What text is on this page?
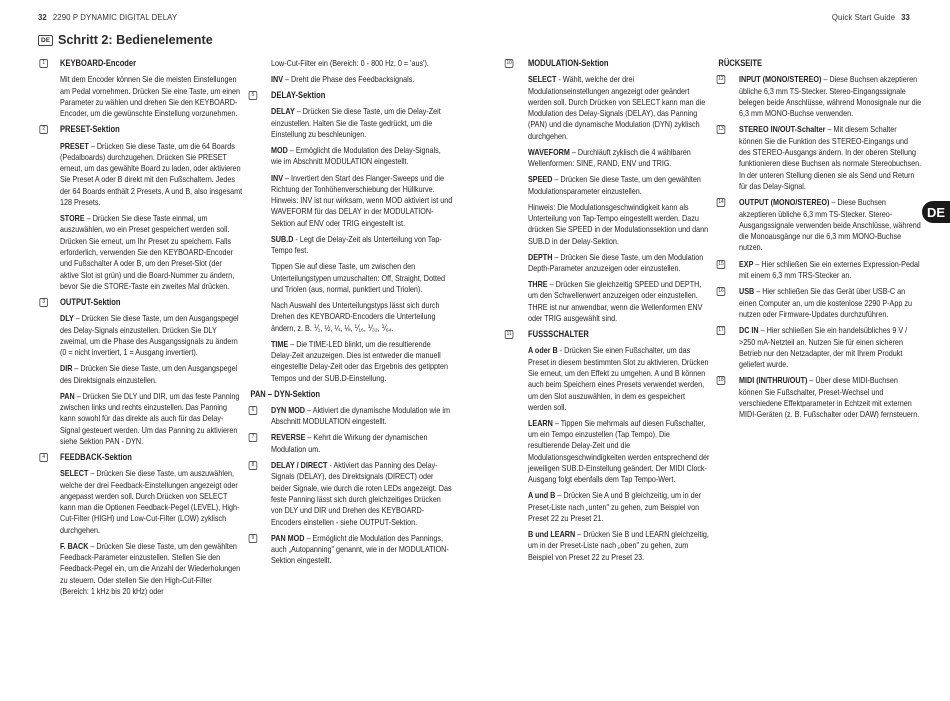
32 2290 P DYNAMIC DIGITAL DELAY	Quick Start Guide 33
DE Schritt 2: Bedienelemente
DE
1	KEYBOARD-Encoder
Mit dem Encoder können Sie die meisten Einstellungen am Pedal vornehmen. Drücken Sie eine Taste, um einen Parameter zu wählen und drehen Sie den KEYBOARD-Encoder, um die gewünschte Einstellung vorzunehmen.
2	PRESET-Sektion
PRESET – Drücken Sie diese Taste, um die 64 Boards (Pedalboards) durchzugehen. Drücken Sie PRESET erneut, um das gewählte Board zu laden, oder aktivieren Sie Preset A oder B direkt mit den Fußschaltern. Jedes der 64 Boards enthält 2 Presets, A und B, also insgesamt 128 Presets.
STORE – Drücken Sie diese Taste einmal, um auszuwählen, wo ein Preset gespeichert werden soll. Drücken Sie erneut, um Ihr Preset zu speichern. Falls erforderlich, verwenden Sie den KEYBOARD-Encoder und Fußschalter A oder B, um den Preset-Slot (der aktive Slot ist grün) und die Board-Nummer zu ändern, bevor Sie die STORE-Taste ein zweites Mal drücken.
3	OUTPUT-Sektion
DLY – Drücken Sie diese Taste, um den Ausgangspegel des Delay-Signals einzustellen. Drücken Sie DLY zweimal, um die Phase des Ausgangssignals zu ändern (0 = nicht invertiert, 1 = Ausgang invertiert).
DIR – Drücken Sie diese Taste, um den Ausgangspegel des Direktsignals einzustellen.
PAN – Drücken Sie DLY und DIR, um das feste Panning zwischen links und rechts einzustellen. Das Panning kann sowohl für das direkte als auch für das Delay-Signal gesteuert werden. Um das Panning zu aktivieren siehe Sektion PAN - DYN.
4	FEEDBACK-Sektion
SELECT – Drücken Sie diese Taste, um auszuwählen, welche der drei Feedback-Einstellungen angezeigt oder angepasst werden soll. Durch Drücken von SELECT kann man die Optionen Feedback-Pegel (LEVEL), High-Cut-Filter (HIGH) und Low-Cut-Filter (LOW) zyklisch durchgehen.
F. BACK – Drücken Sie diese Taste, um den gewählten Feedback-Parameter einzustellen. Stellen Sie den Feedback-Pegel ein, um die Anzahl der Wiederholungen zu steuern. Oder stellen Sie den High-Cut-Filter (Bereich: 1 kHz bis 20 kHz) oder
Low-Cut-Filter ein (Bereich: 0 - 800 Hz, 0 = 'aus').
INV – Dreht die Phase des Feedbacksignals.
5	DELAY-Sektion
DELAY – Drücken Sie diese Taste, um die Delay-Zeit einzustellen. Halten Sie die Taste gedrückt, um die Einstellung zu beschleunigen.
MOD – Ermöglicht die Modulation des Delay-Signals, wie im Abschnitt MODULATION eingestellt.
INV – Invertiert den Start des Flanger-Sweeps und die Richtung der Tonhöhenverschiebung der Hüllkurve. Hinweis: INV ist nur wirksam, wenn MOD aktiviert ist und WAVEFORM für das DELAY in der MODULATION-Sektion auf ENV oder TRIG eingestellt ist.
SUB.D - Legt die Delay-Zeit als Unterteilung von Tap-Tempo fest.
Tippen Sie auf diese Taste, um zwischen den Unterteilungstypen umzuschalten: Off, Straight, Dotted und Triolen (aus, normal, punktiert und Triolen).
Nach Auswahl des Unterteilungstyps lässt sich durch Drehen des KEYBOARD-Encoders die Unterteilung ändern, z. B. ⅟₁, ½, ¼, ⅛, ⅟₁₆, ⅟₃₂, ⅟₆₄.
TIME – Die TIME-LED blinkt, um die resultierende Delay-Zeit anzuzeigen. Dies ist entweder die manuell eingestellte Delay-Zeit oder das Ergebnis des getippten Tempos und der SUB.D-Einstellung.
PAN – DYN-Sektion
6	DYN MOD – Aktiviert die dynamische Modulation wie im Abschnitt MODULATION eingestellt.
7	REVERSE – Kehrt die Wirkung der dynamischen Modulation um.
8	DELAY / DIRECT - Aktiviert das Panning des Delay-Signals (DELAY), des Direktsignals (DIRECT) oder beider Signale, wie durch die roten LEDs angezeigt. Das feste Panning lässt sich durch gleichzeitiges Drücken von DLY und DIR und Drehen des KEYBOARD-Encoders einstellen - siehe OUTPUT-Sektion.
9	PAN MOD – Ermöglicht die Modulation des Pannings, auch „Autopanning" genannt, wie in der MODULATION-Sektion eingestellt.
10 MODULATION-Sektion
SELECT - Wählt, welche der drei Modulationseinstellungen angezeigt oder geändert werden soll. Durch Drücken von SELECT kann man die Modulation des Delay-Signals (DELAY), das Panning (PAN) und die dynamische Modulation (DYN) zyklisch durchgehen.
WAVEFORM – Durchläuft zyklisch die 4 wählbaren Wellenformen: SINE, RAND, ENV und TRIG.
SPEED – Drücken Sie diese Taste, um den gewählten Modulationsparameter einzustellen.
Hinweis: Die Modulationsgeschwindigkeit kann als Unterteilung von Tap-Tempo eingestellt werden. Dazu drücken Sie SPEED in der Modulationssektion und dann SUB.D in der Delay-Sektion.
DEPTH – Drücken Sie diese Taste, um den Modulation Depth-Parameter anzuzeigen oder einzustellen.
THRE – Drücken Sie gleichzeitig SPEED und DEPTH, um den Schwellenwert anzuzeigen oder einzustellen. THRE ist nur anwendbar, wenn die Wellenformen ENV oder TRIG ausgewählt sind.
11 FUSSSCHALTER
A oder B - Drücken Sie einen Fußschalter, um das Preset in diesem bestimmten Slot zu aktivieren. Drücken Sie erneut, um den Effekt zu umgehen. A und B können auch beim Speichern eines Presets verwendet werden, um den Slot auszuwählen, in dem es gespeichert werden soll.
LEARN – Tippen Sie mehrmals auf diesen Fußschalter, um ein Tempo einzustellen (Tap Tempo). Die resultierende Delay-Zeit und die Modulationsgeschwindigkeiten werden entsprechend der jeweiligen SUB.D-Einstellung geändert. Der MIDI Clock-Ausgang folgt ebenfalls dem Tap Tempo-Wert.
A und B – Drücken Sie A und B gleichzeitig, um in der Preset-Liste nach „unten" zu gehen, zum Beispiel von Preset 22 zu Preset 21.
B und LEARN – Drücken Sie B und LEARN gleichzeitig, um in der Preset-Liste nach „oben" zu gehen, zum Beispiel von Preset 22 zu Preset 23.
RÜCKSEITE
12 INPUT (MONO/STEREO) – Diese Buchsen akzeptieren übliche 6,3 mm TS-Stecker. Stereo-Eingangssignale belegen beide Anschlüsse, während Monosignale nur die 6,3 mm MONO-Buchse verwenden.
13 STEREO IN/OUT-Schalter – Mit diesem Schalter können Sie die Funktion des STEREO-Eingangs und des STEREO-Ausgangs ändern. In der oberen Stellung funktionieren diese Buchsen als normale Stereobuchsen. In der unteren Stellung dienen sie als Send und Return für das Delay-Signal.
14 OUTPUT (MONO/STEREO) – Diese Buchsen akzeptieren übliche 6,3 mm TS-Stecker. Stereo-Ausgangssignale verwenden beide Anschlüsse, während die Monoausgänge nur die 6,3 mm MONO-Buchse nutzen.
15 EXP – Hier schließen Sie ein externes Expression-Pedal mit einem 6,3 mm TRS-Stecker an.
16 USB – Hier schließen Sie das Gerät über USB-C an einen Computer an, um die kostenlose 2290 P-App zu nutzen oder Firmware-Updates durchzuführen.
17 DC IN – Hier schließen Sie ein handelsübliches 9 V / >250 mA-Netzteil an. Nutzen Sie für einen sicheren Betrieb nur den Netzadapter, der mit Ihrem Produkt geliefert wurde.
18 MIDI (IN/THRU/OUT) – Über diese MIDI-Buchsen können Sie Fußschalter, Preset-Wechsel und verschiedene Effektparameter in Echtzeit mit externen MIDI-Geräten (z. B. Fußschalter oder DAW) fernsteuern.
